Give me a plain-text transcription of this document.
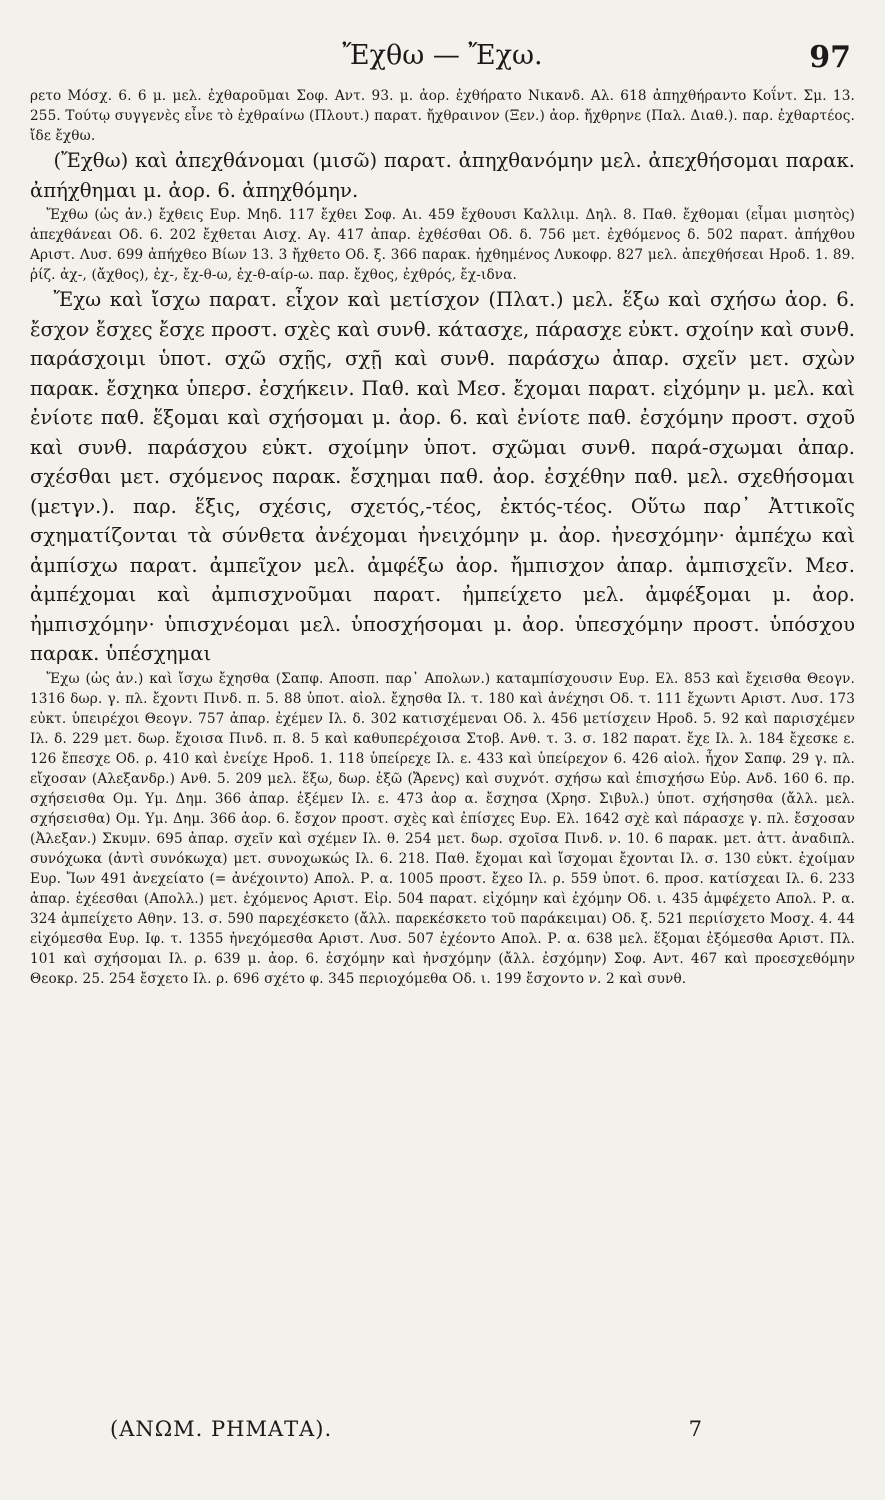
Ἔχθω — Ἔχω.	97

ρετο Μόσχ. 6. 6 μ. μελ. ἐχθαροῦμαι Σοφ. Αντ. 93. μ. ἀορ. ἐχθήρατο Νικανδ. Αλ. 618 ἀπηχθήραντο Κοΐντ. Σμ. 13. 255. Τούτῳ συγγενὲς εἶνε τὸ ἐχθραίνω (Πλουτ.) παρατ. ἤχθραινον (Ξεν.) ἀορ. ἤχθρηνε (Παλ. Διαθ.). παρ. ἐχθαρτέος. ἴδε ἔχθω.

(Ἔχθω) καὶ ἀπεχθάνομαι (μισῶ) παρατ. ἀπηχθανόμην μελ. ἀπεχθήσομαι παρακ. ἀπήχθημαι μ. ἀορ. 6. ἀπηχθόμην.

Ἔχθω (ὡς ἀν.) ἔχθεις Ευρ. Μηδ. 117 ἔχθει Σοφ. Αι. 459 ἔχθουσι Καλλιμ. Δηλ. 8. Παθ. ἔχθομαι (εἶμαι μισητὸς) ἀπεχθάνεαι Οδ. 6. 202 ἔχθεται Αισχ. Αγ. 417 ἀπαρ. ἐχθέσθαι Οδ. δ. 756 μετ. ἐχθόμενος δ. 502 παρατ. ἀπήχθου Αριστ. Λυσ. 699 ἀπήχθεο Βίων 13. 3 ἤχθετο Οδ. ξ. 366 παρακ. ἠχθημένος Λυκοφρ. 827 μελ. ἀπεχθήσεαι Ηροδ. 1. 89. ῥίζ. ἀχ-, (ἄχθος), ἐχ-, ἔχ-θ-ω, ἐχ-θ-αίρ-ω. παρ. ἔχθος, ἐχθρός, ἔχ-ιδνα.

Ἔχω καὶ ἴσχω παρατ. εἶχον καὶ μετίσχον (Πλατ.) μελ. ἕξω καὶ σχήσω ἀορ. 6. ἔσχον ἔσχες ἔσχε προστ. σχὲς καὶ συνθ. κάτασχε, πάρασχε εὐκτ. σχοίην καὶ συνθ. παράσχοιμι ὑποτ. σχῶ σχῇς, σχῇ καὶ συνθ. παράσχω ἀπαρ. σχεῖν μετ. σχὼν παρακ. ἔσχηκα ὑπερσ. ἐσχήκειν. Παθ. καὶ Μεσ. ἔχομαι παρατ. εἰχόμην μ. μελ. καὶ ἐνίοτε παθ. ἕξομαι καὶ σχήσομαι μ. ἀορ. 6. καὶ ἐνίοτε παθ. ἐσχόμην προστ. σχοῦ καὶ συνθ. παράσχου εὐκτ. σχοίμην ὑποτ. σχῶμαι συνθ. παρά-σχωμαι ἀπαρ. σχέσθαι μετ. σχόμενος παρακ. ἔσχημαι παθ. ἀορ. ἐσχέθην παθ. μελ. σχεθήσομαι (μετγν.). παρ. ἕξις, σχέσις, σχετός,-τέος, ἐκτός-τέος. Οὕτω παρ᾽ Ἀττικοῖς σχηματίζονται τὰ σύνθετα ἀνέχομαι ἠνειχόμην μ. ἀορ. ἠνεσχόμην· ἀμπέχω καὶ ἀμπίσχω παρατ. ἀμπεῖχον μελ. ἀμφέξω ἀορ. ἤμπισχον ἀπαρ. ἀμπισχεῖν. Μεσ. ἀμπέχομαι καὶ ἀμπισχνοῦμαι παρατ. ἠμπείχετο μελ. ἀμφέξομαι μ. ἀορ. ἠμπισχόμην· ὑπισχνέομαι μελ. ὑποσχήσομαι μ. ἀορ. ὑπεσχόμην προστ. ὑπόσχου παρακ. ὑπέσχημαι

Ἔχω (ὡς ἀν.) καὶ ἴσχω ἔχησθα (Σαπφ. Αποσπ. παρ᾽ Απολων.) καταμπίσχουσιν Ευρ. Ελ. 853 καὶ ἔχεισθα Θεογν. 1316 δωρ. γ. πλ. ἔχοντι Πινδ. π. 5. 88 ὑποτ. αἰολ. ἔχησθα Ιλ. τ. 180 καὶ ἀνέχησι Οδ. τ. 111 ἔχωντι Αριστ. Λυσ. 173 εὐκτ. ὑπειρέχοι Θεογν. 757 ἀπαρ. ἐχέμεν Ιλ. δ. 302 κατισχέμεναι Οδ. λ. 456 μετίσχειν Ηροδ. 5. 92 καὶ παρισχέμεν Ιλ. δ. 229 μετ. δωρ. ἔχοισα Πινδ. π. 8. 5 καὶ καθυπερέχοισα Στοβ. Ανθ. τ. 3. σ. 182 παρατ. ἔχε Ιλ. λ. 184 ἔχεσκε ε. 126 ἔπεσχε Οδ. ρ. 410 καὶ ἐνείχε Ηροδ. 1. 118 ὑπείρεχε Ιλ. ε. 433 καὶ ὑπείρεχον 6. 426 αἰολ. ἦχον Σαπφ. 29 γ. πλ. εἴχοσαν (Αλεξανδρ.) Ανθ. 5. 209 μελ. ἕξω, δωρ. ἑξῶ (Ἄρενς) καὶ συχνότ. σχήσω καὶ ἐπισχήσω Εὐρ. Ανδ. 160 6. πρ. σχήσεισθα Ομ. Υμ. Δημ. 366 ἀπαρ. ἑξέμεν Ιλ. ε. 473 ἀορ α. ἔσχησα (Χρησ. Σιβυλ.) ὑποτ. σχήσησθα (ἄλλ. μελ. σχήσεισθα) Ομ. Υμ. Δημ. 366 ἀορ. 6. ἔσχον προστ. σχὲς καὶ ἐπίσχες Ευρ. Ελ. 1642 σχὲ καὶ πάρασχε γ. πλ. ἔσχοσαν (Ἀλεξαν.) Σκυμν. 695 ἀπαρ. σχεῖν καὶ σχέμεν Ιλ. θ. 254 μετ. δωρ. σχοῖσα Πινδ. ν. 10. 6 παρακ. μετ. ἀττ. ἀναδιπλ. συνόχωκα (ἀντὶ συνόκωχα) μετ. συνοχωκώς Ιλ. 6. 218. Παθ. ἔχομαι καὶ ἴσχομαι ἔχονται Ιλ. σ. 130 εὐκτ. ἐχοίμαν Ευρ. Ἴων 491 ἀνεχείατο (= ἀνέχοιντο) Απολ. Ρ. α. 1005 προστ. ἔχεο Ιλ. ρ. 559 ὑποτ. 6. προσ. κατίσχεαι Ιλ. 6. 233 ἀπαρ. ἐχέεσθαι (Απολλ.) μετ. ἐχόμενος Αριστ. Εἰρ. 504 παρατ. εἰχόμην καὶ ἐχόμην Οδ. ι. 435 ἀμφέχετο Απολ. Ρ. α. 324 ἀμπείχετο Αθην. 13. σ. 590 παρεχέσκετο (ἄλλ. παρεκέσκετο τοῦ παράκειμαι) Οδ. ξ. 521 περιίσχετο Μοσχ. 4. 44 εἰχόμεσθα Ευρ. Ιφ. τ. 1355 ἠνεχόμεσθα Αριστ. Λυσ. 507 ἐχέοντο Απολ. Ρ. α. 638 μελ. ἕξομαι ἐξόμεσθα Αριστ. Πλ. 101 καὶ σχήσομαι Ιλ. ρ. 639 μ. ἀορ. 6. ἐσχόμην καὶ ἠνσχόμην (ἄλλ. ἐσχόμην) Σοφ. Αντ. 467 καὶ προεσχεθόμην Θεοκρ. 25. 254 ἔσχετο Ιλ. ρ. 696 σχέτο φ. 345 περιοχόμεθα Οδ. ι. 199 ἔσχοντο ν. 2 καὶ συνθ.

(ΑΝΩΜ. ΡΗΜΑΤΑ).	7
